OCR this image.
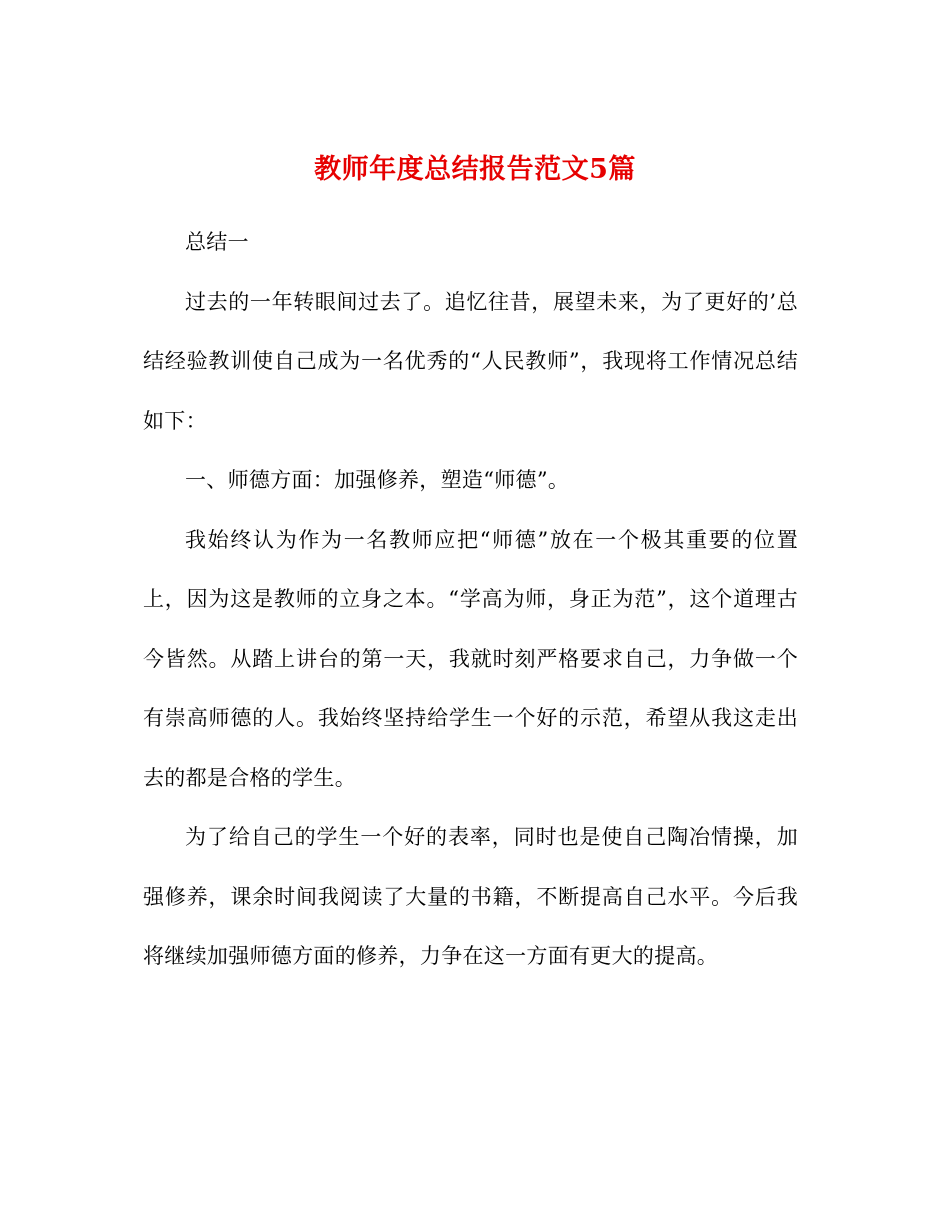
教师年度总结报告范文5篇

总结一

过去的一年转眼间过去了。追忆往昔，展望未来，为了更好的’总结经验教训使自己成为一名优秀的“人民教师”，我现将工作情况总结如下：

一、师德方面：加强修养，塑造“师德”。

我始终认为作为一名教师应把“师德”放在一个极其重要的位置上，因为这是教师的立身之本。“学高为师，身正为范”，这个道理古今皆然。从踏上讲台的第一天，我就时刻严格要求自己，力争做一个有崇高师德的人。我始终坚持给学生一个好的示范，希望从我这走出去的都是合格的学生。

为了给自己的学生一个好的表率，同时也是使自己陶冶情操，加强修养，课余时间我阅读了大量的书籍，不断提高自己水平。今后我将继续加强师德方面的修养，力争在这一方面有更大的提高。
